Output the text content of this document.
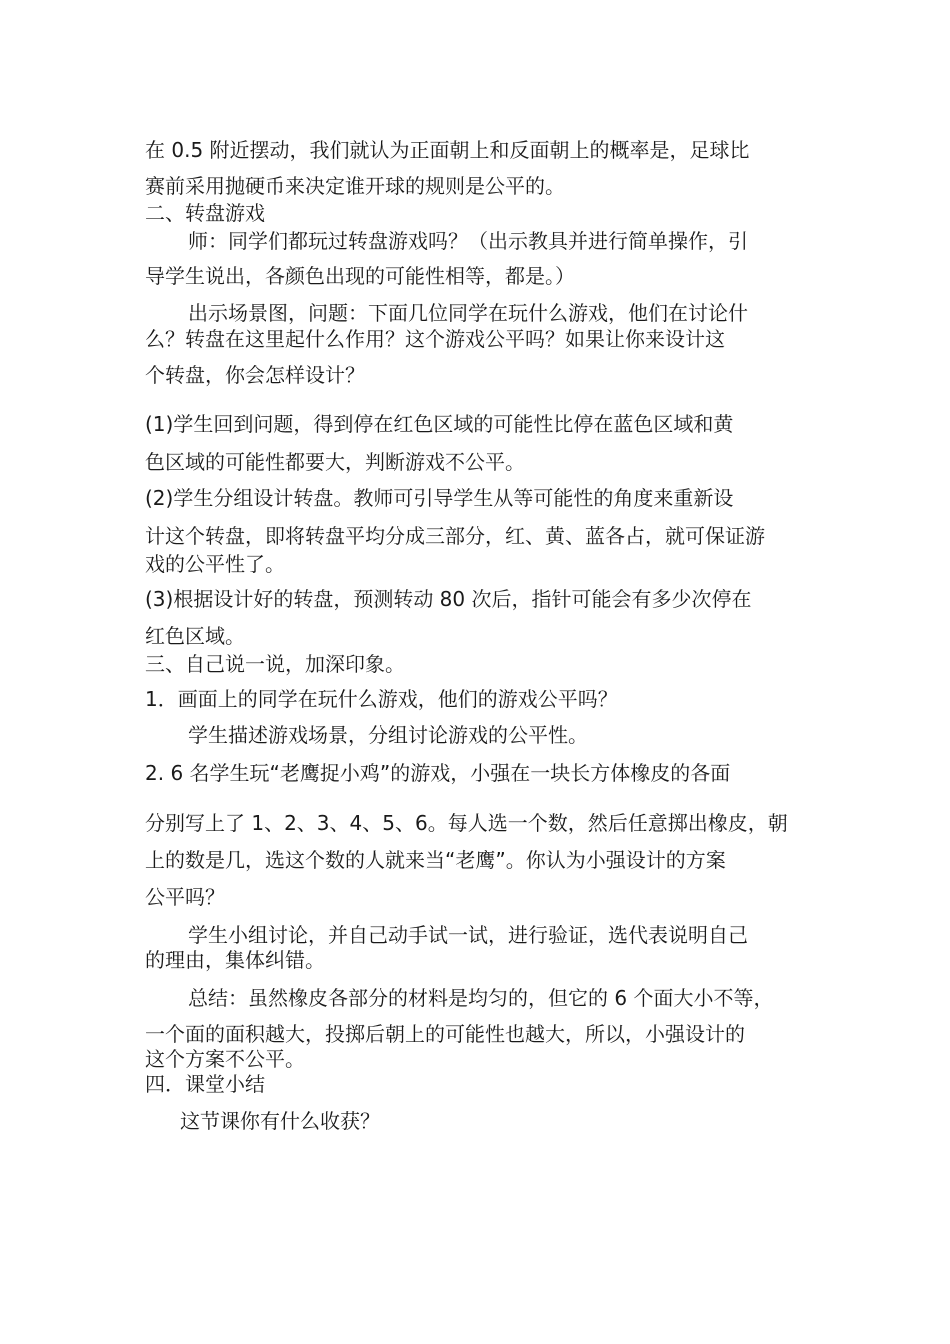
在 0.5 附近摆动，我们就认为正面朝上和反面朝上的概率是，足球比
赛前采用抛硬币来决定谁开球的规则是公平的。
二、转盘游戏
师：同学们都玩过转盘游戏吗？（出示教具并进行简单操作，引
导学生说出，各颜色出现的可能性相等，都是。）
出示场景图，问题：下面几位同学在玩什么游戏，他们在讨论什
么？转盘在这里起什么作用？这个游戏公平吗？如果让你来设计这
个转盘，你会怎样设计？
(1)学生回到问题，得到停在红色区域的可能性比停在蓝色区域和黄
色区域的可能性都要大，判断游戏不公平。
(2)学生分组设计转盘。教师可引导学生从等可能性的角度来重新设
计这个转盘，即将转盘平均分成三部分，红、黄、蓝各占，就可保证游
戏的公平性了。
(3)根据设计好的转盘，预测转动 80 次后，指针可能会有多少次停在
红色区域。
三、自己说一说，加深印象。
1．画面上的同学在玩什么游戏，他们的游戏公平吗？
学生描述游戏场景，分组讨论游戏的公平性。
2. 6 名学生玩“老鹰捉小鸡”的游戏，小强在一块长方体橡皮的各面
分别写上了 1、2、3、4、5、6。每人选一个数，然后任意掷出橡皮，朝
上的数是几，选这个数的人就来当“老鹰”。你认为小强设计的方案
公平吗？
学生小组讨论，并自己动手试一试，进行验证，选代表说明自己
的理由，集体纠错。
总结：虽然橡皮各部分的材料是均匀的，但它的 6 个面大小不等，
一个面的面积越大，投掷后朝上的可能性也越大，所以，小强设计的
这个方案不公平。
四．课堂小结
这节课你有什么收获？
